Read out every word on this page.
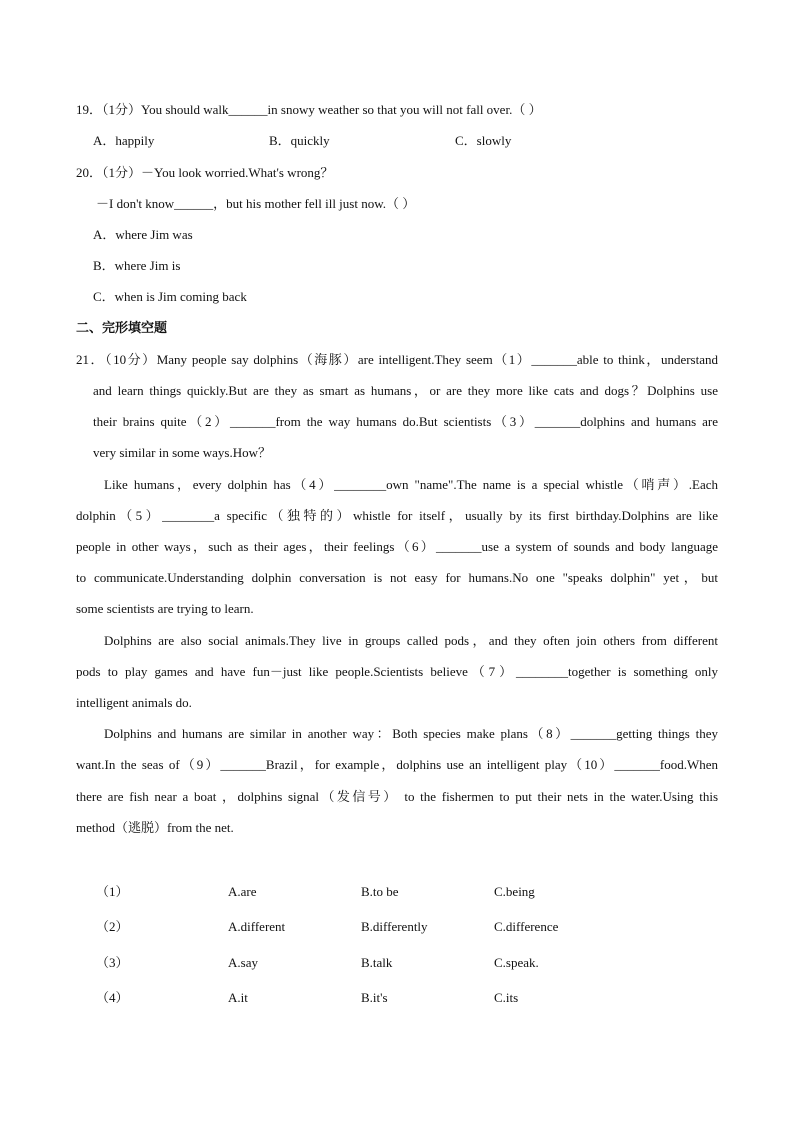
19．（1分）You should walk______in snowy weather so that you will not fall over.（ ）
A．happily	B．quickly	C．slowly
20．（1分）－You look worried.What's wrong？
－I don't know______，but his mother fell ill just now.（ ）
A．where Jim was
B．where Jim is
C．when is Jim coming back
二、完形填空题
21．（10分）Many people say dolphins（海豚）are intelligent.They seem（1）_______able to think，understand
and learn things quickly.But are they as smart as humans，or are they more like cats and dogs？Dolphins use
their brains quite（2）_______from the way humans do.But scientists（3）_______dolphins and humans are
very similar in some ways.How？
Like humans，every dolphin has（4）________own "name".The name is a special whistle（哨声）.Each
dolphin（5）________a specific（独特的）whistle for itself，usually by its first birthday.Dolphins are like
people in other ways，such as their ages，their feelings（6）_______use a system of sounds and body language
to communicate.Understanding dolphin conversation is not easy for humans.No one "speaks dolphin" yet，but
some scientists are trying to learn.
Dolphins are also social animals.They live in groups called pods，and they often join others from different
pods to play games and have fun－just like people.Scientists believe（7）________together is something only
intelligent animals do.
Dolphins and humans are similar in another way：Both species make plans（8）_______getting things they
want.In the seas of（9）_______Brazil，for example，dolphins use an intelligent play（10）_______food.When
there are fish near a boat ，dolphins signal（发信号） to the fishermen to put their nets in the water.Using this
method（逃脱）from the net.
（1）	A.are	B.to be	C.being
（2）	A.different	B.differently	C.difference
（3）	A.say	B.talk	C.speak.
（4）	A.it	B.it's	C.its
